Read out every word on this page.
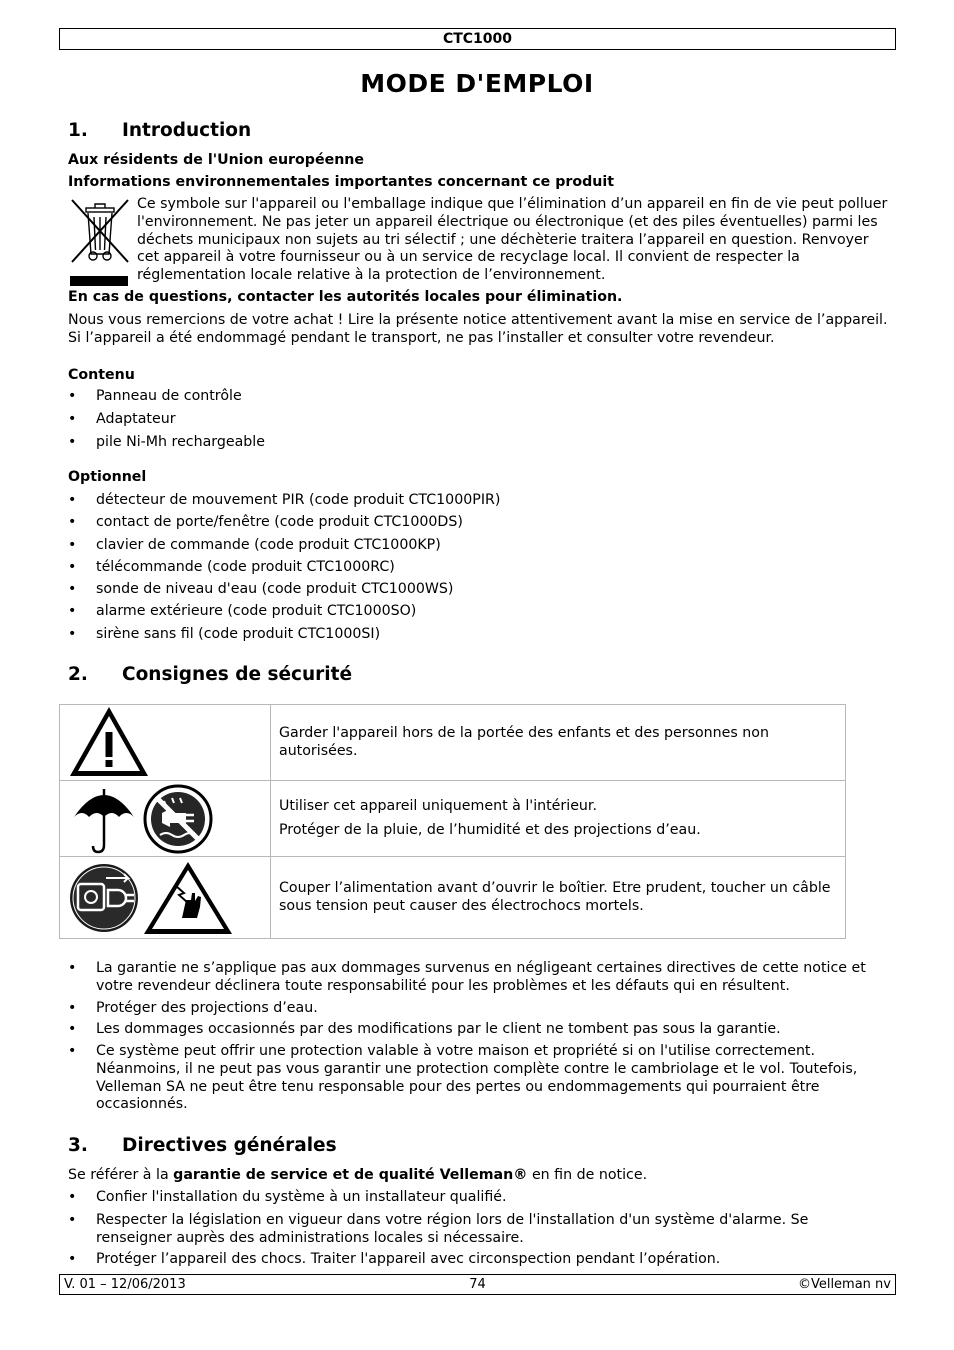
CTC1000
MODE D'EMPLOI
1. Introduction

Aux résidents de l'Union européenne

Informations environnementales importantes concernant ce produit

Ce symbole sur l'appareil ou l'emballage indique que l’élimination d’un appareil en fin de vie peut polluer l'environnement. Ne pas jeter un appareil électrique ou électronique (et des piles éventuelles) parmi les déchets municipaux non sujets au tri sélectif ; une déchèterie traitera l’appareil en question. Renvoyer cet appareil à votre fournisseur ou à un service de recyclage local. Il convient de respecter la réglementation locale relative à la protection de l’environnement.

En cas de questions, contacter les autorités locales pour élimination.

Nous vous remercions de votre achat ! Lire la présente notice attentivement avant la mise en service de l’appareil. Si l’appareil a été endommagé pendant le transport, ne pas l’installer et consulter votre revendeur.

Contenu

• Panneau de contrôle
• Adaptateur
• pile Ni-Mh rechargeable

Optionnel

• détecteur de mouvement PIR (code produit CTC1000PIR)
• contact de porte/fenêtre (code produit CTC1000DS)
• clavier de commande (code produit CTC1000KP)
• télécommande (code produit CTC1000RC)
• sonde de niveau d'eau (code produit CTC1000WS)
• alarme extérieure (code produit CTC1000SO)
• sirène sans fil (code produit CTC1000SI)
2. Consignes de sécurité

Garder l'appareil hors de la portée des enfants et des personnes non autorisées.

Utiliser cet appareil uniquement à l'intérieur.

Protéger de la pluie, de l’humidité et des projections d’eau.

Couper l’alimentation avant d’ouvrir le boîtier. Etre prudent, toucher un câble sous tension peut causer des électrochocs mortels.

• La garantie ne s’applique pas aux dommages survenus en négligeant certaines directives de cette notice et votre revendeur déclinera toute responsabilité pour les problèmes et les défauts qui en résultent.
• Protéger des projections d’eau.
• Les dommages occasionnés par des modifications par le client ne tombent pas sous la garantie.
• Ce système peut offrir une protection valable à votre maison et propriété si on l'utilise correctement. Néanmoins, il ne peut pas vous garantir une protection complète contre le cambriolage et le vol. Toutefois, Velleman SA ne peut être tenu responsable pour des pertes ou endommagements qui pourraient être occasionnés.
3. Directives générales

Se référer à la garantie de service et de qualité Velleman® en fin de notice.

• Confier l'installation du système à un installateur qualifié.
• Respecter la législation en vigueur dans votre région lors de l'installation d'un système d'alarme. Se renseigner auprès des administrations locales si nécessaire.
• Protéger l’appareil des chocs. Traiter l'appareil avec circonspection pendant l’opération.
V. 01 – 12/06/2013	74	©Velleman nv
